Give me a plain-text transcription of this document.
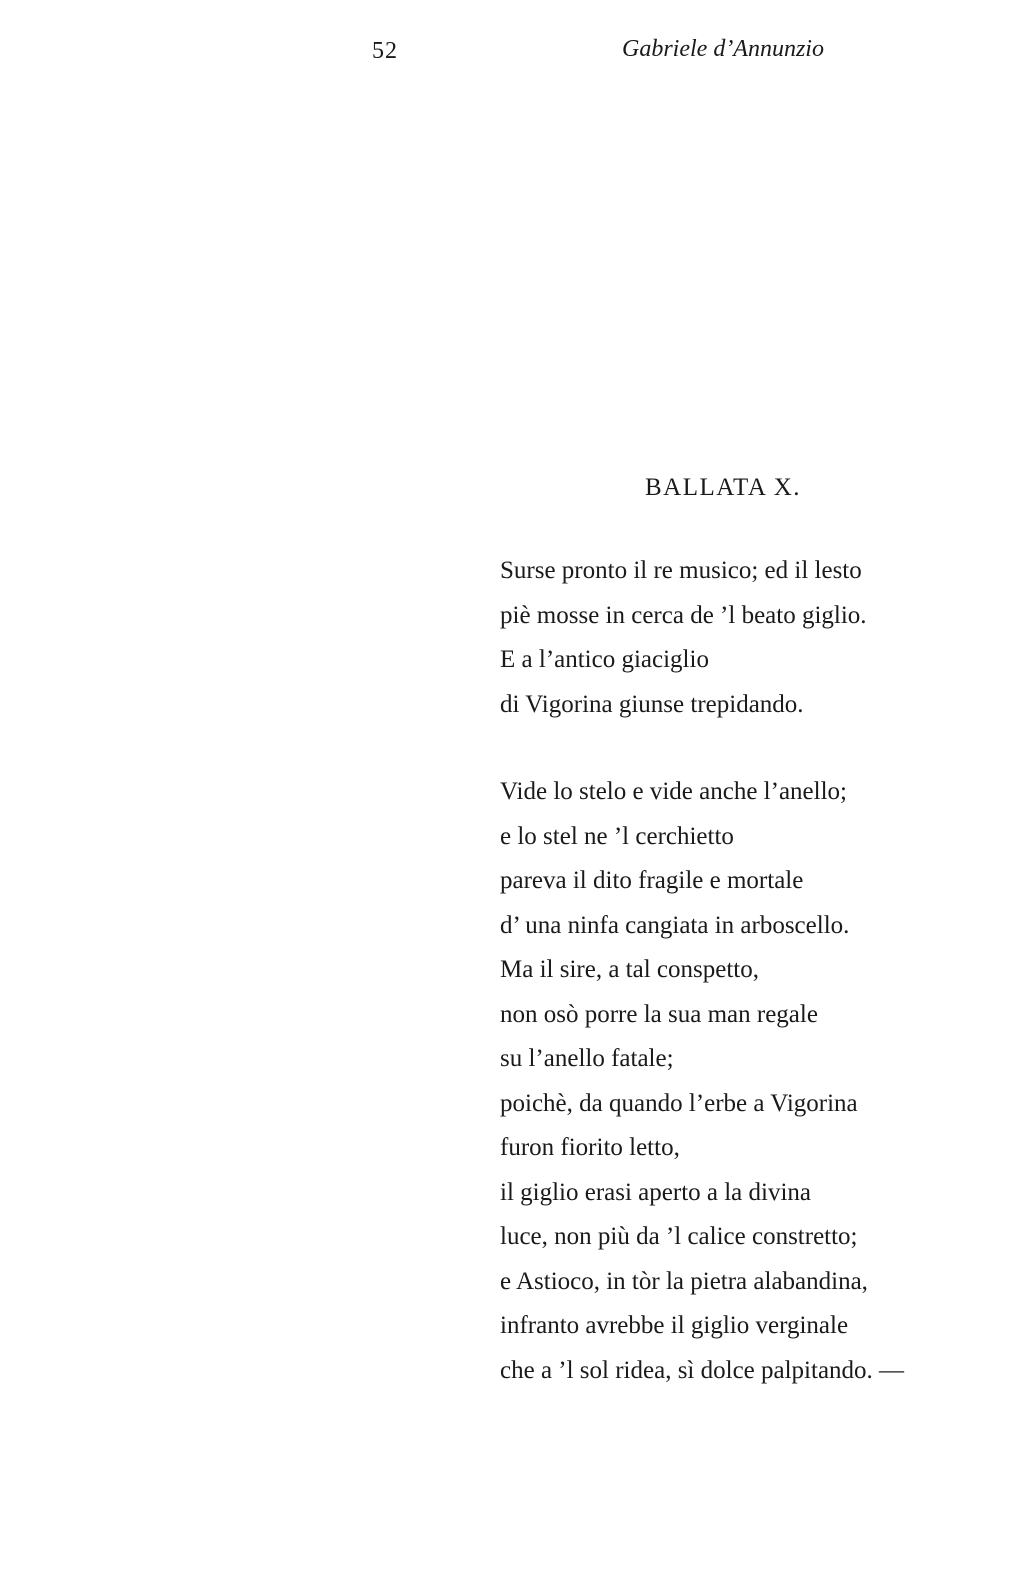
52	Gabriele d’Annunzio
BALLATA X.
Surse pronto il re musico; ed il lesto
piè mosse in cerca de ’l beato giglio.
E a l’antico giaciglio
di Vigorina giunse trepidando.
Vide lo stelo e vide anche l’anello;
e lo stel ne ’l cerchietto
pareva il dito fragile e mortale
d’ una ninfa cangiata in arboscello.
Ma il sire, a tal conspetto,
non osò porre la sua man regale
su l’anello fatale;
poichè, da quando l’erbe a Vigorina
furon fiorito letto,
il giglio erasi aperto a la divina
luce, non più da ’l calice constretto;
e Astioco, in tòr la pietra alabandina,
infranto avrebbe il giglio verginale
che a ’l sol ridea, sì dolce palpitando. —
